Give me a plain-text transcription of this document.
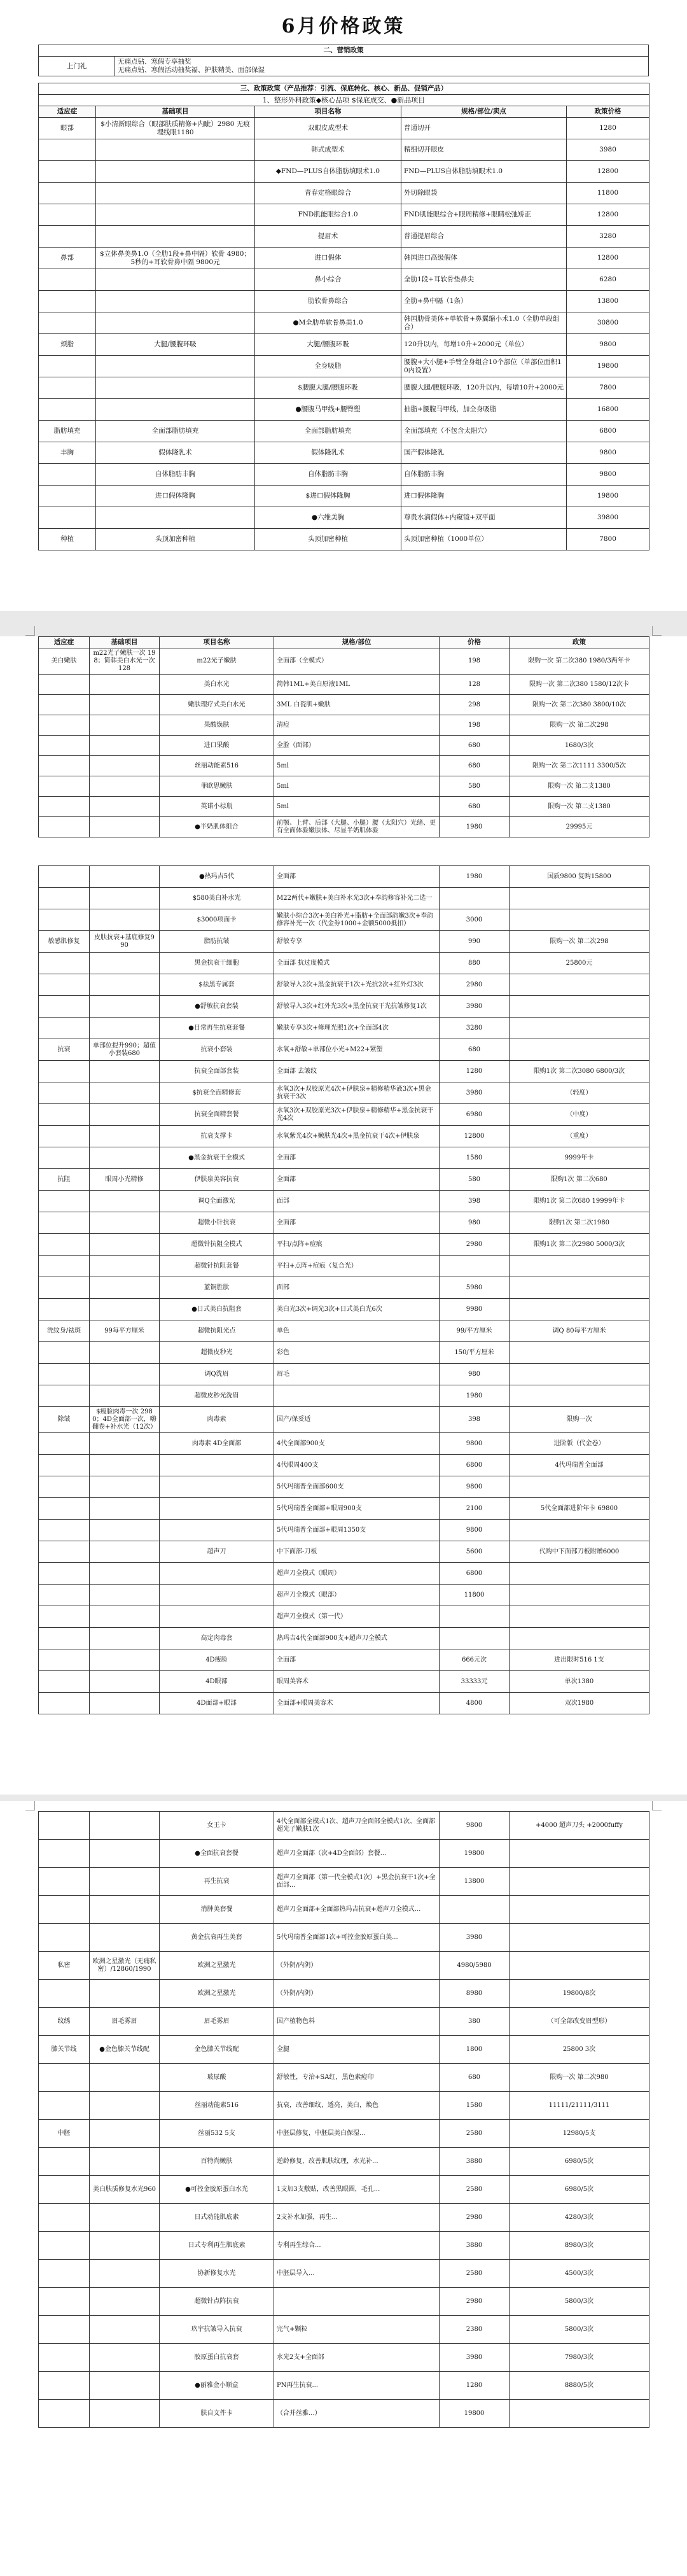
6月价格政策
二、营销政策
上门礼	
无痛点钻、寒假专享抽奖
无痛点钻、寒假活动抽奖福、护肤精美、面部保湿
三、政策政策（产品推荐：引流、保底转化、核心、新品、促销产品）				
1、整形外科政策◆核心品项 $保底成交、●新品项目				
适应症	基础项目	项目名称	规格/部位/卖点	政策价格
眼部	$小清新眼综合（眼部肤质精修+内眦）2980 无痕埋线眼1180	双眼皮成型术	普通切开	1280
		韩式成型术	精细切开眼皮	3980
		◆FND—PLUS自体脂肪填眼术1.0	FND—PLUS自体脂肪填眼术1.0	12800
		青春定格眼综合	外切除眼袋	11800
		FND肌能眼综合1.0	FND肌能眼综合+眼周精修+眼睛松弛矫正	12800
		提眉术	普通提眉综合	3280
鼻部	$立体鼻美鼻1.0（全肋1段+鼻中隔）软骨 4980；5秒的+耳软骨鼻中隔 9800元	进口假体	韩国进口高级假体	12800
		鼻小综合	全肋1段+耳软骨垫鼻尖	6280
		肋软骨鼻综合	全肋+鼻中隔（1条）	13800
		●M全肋单软骨鼻美1.0	韩国肋骨美体+单软骨+鼻翼缩小术1.0（全肋单段组合）	30800
颊脂	大腿/腰腹环吸	大腿/腰腹环吸	120升以内，每增10升+2000元（单位）	9800
		全身吸脂	腰腹+大小腿+手臂全身组合10个部位（单部位面积10内设置）	19800
		$腰腹大腿/腰腹环吸	腰腹大腿/腰腹环吸，120升以内，每增10升+2000元	7800
		●腰腹马甲线+腰臀塑	抽脂+腰腹马甲线，加全身吸脂	16800
脂肪填充	全面部脂肪填充	全面部脂肪填充	全面部填充（不包含太阳穴）	6800
丰胸	假体隆乳术	假体隆乳术	国产假体隆乳	9800
	自体脂肪丰胸	自体脂肪丰胸	自体脂肪丰胸	9800
	进口假体隆胸	$进口假体隆胸	进口假体隆胸	19800
		●六维美胸	尊贵水滴假体+内窥镜+双平面	39800
种植	头顶加密种植	头顶加密种植	头顶加密种植（1000单位）	7800
适应症	基础项目	项目名称	规格/部位	价格	政策
美白嫩肤	m22光子嫩肤一次 198；简韩美白水光一次 128	m22光子嫩肤	全面部（全模式）	198	限购一次 第二次380 1980/3两年卡
		美白水光	简韩1ML+美白原液1ML	128	限购一次 第二次380 1580/12次卡
		嫩肤理疗式美白水光	3ML 白瓷肌+嫩肤	298	限购一次 第二次380 3800/10次
		果酸焕肤	清痘	198	限购一次 第二次298
		进口果酸	全脸（面部）	680	1680/3次
		丝丽动能素516	5ml	680	限购一次 第二次1111 3300/5次
		菲欧思嫩肤	5ml	580	限购一次 第二支1380
		英诺小棕瓶	5ml	680	限购一次 第二支1380
		●半奶肌体组合	前颚、上臂、后部（大腿、小腿）腰（太阳穴）光绪、更有全面体验嫩肤体、尽显半奶肌体验	1980	29995元
		●热玛吉5代	全面部	1980	国质9800 复购15800
		$580美白补水光	M22两代+嫩肤+美白补水光3次+奉韵修容补光二选一		
		$3000项面卡	嫩肤小综合3次+美白补光+脂肪+全面部韵嫩3次+奉韵修容补光一次（代金券1000+金额5000抵扣）	3000	
敏感肌修复	皮肤抗衰+基底修复990	脂肪抗皱	舒敏专享	990	限购一次 第二次298
		黑金抗衰干细胞	全面部 抗过度模式	880	25800元
		$祛黑专属套	舒敏导入2次+黑金抗衰干1次+光抗2次+红外灯3次	2980	
		●舒敏抗衰套装	舒敏导入3次+红外光3次+黑金抗衰干光抗皱修复1次	3980	
		●日常再生抗衰套餐	嫩肤专享3次+修理光照1次+全面部4次	3280	
抗衰	单部位提升990；超值小套装680	抗衰小套装	水氧+舒敏+单部位小光+M22+紧塑	680	
		抗衰全面部套装	全面部 去皱纹	1280	限购1次 第二次3080 6800/3次
		$抗衰全面精修套	水氧3次+双胶原光4次+伊肤泉+精修精华液3次+黑金抗衰干3次	3980	（轻度）
		抗衰全面精套餐	水氧3次+双胶原光3次+伊肤泉+精修精华+黑金抗衰干光4次	6980	（中度）
		抗衰支撑卡	水氧紫光4次+嫩肤光4次+黑金抗衰干4次+伊肤泉	12800	（重度）
		●黑金抗衰干全模式	全面部	1580	9999年卡
抗阻	眼周小光精修	伊肤泉美容抗衰	全面部	580	限购1次 第二次680
		调Q全面激光	面部	398	限购1次 第二次680 19999年卡
		超微小针抗衰	全面部	980	限购1次 第二次1980
		超微针抗阻全模式	平扫/点阵+痘痕	2980	限购1次 第二次2980 5000/3次
		超微针抗阻套餐	平扫+点阵+痘痕（复合光）		
		蓝铜胜肽	面部	5980	
		●日式美白抗阻套	美白光3次+调光3次+日式美白光6次	9980	
洗纹身/祛斑	99每平方厘米	超微抗阻光点	单色	99/平方厘米	调Q 80每平方厘米
		超微皮秒光	彩色	150/平方厘米	
		调Q洗眉	眉毛	980	
		超微皮秒光洗眉		1980	
除皱	$瘦脸肉毒一次 2980；4D全面部一次，嗨翻卷+补水光（12次）	肉毒素	国产/保妥适	398	限购一次
		肉毒素 4D全面部	4代全面部900支	9800	进阶版（代金卷）
			4代眼周400支	6800	4代玛瑞普全面部
			5代玛瑞普全面部600支	9800	
			5代玛瑞普全面部+眼周900支	2100	5代全面部进阶年卡 69800
			5代玛瑞普全面部+眼周1350支	9800	
		超声刀	中下面部-刀板	5600	代购中下面部刀板附赠6000
			超声刀全模式（眼周）	6800	
			超声刀全模式（眼部）	11800	
			超声刀全模式（第一代）		
		高定肉毒套	热玛吉4代全面部900支+超声刀全模式		
		4D瘦脸	全面部	666元次	进出限时516 1支
		4D眼部	眼周美容术	33333元	单次1380
		4D面部+眼部	全面部+眼周美容术	4800	双次1980
		女王卡	4代全面部全模式1次、超声刀全面部全模式1次、全面部超光子嫩肤1次	9800	+4000 超声刀头 +2000fuffy
		●全面抗衰套餐	超声刀全面部（次+4D全面部）套餐...	19800	
		再生抗衰	超声刀全面部（第一代全模式1次）+黑金抗衰干1次+全面部...	13800	
		消肿美套餐	超声刀全面部+全面部热玛吉抗衰+超声刀全模式...		
		黄金抗衰再生美套	5代玛瑞普全面部1次+可控金胶原蛋白美...	3980	
私密	欧洲之星激光（无痛私密）/12860/1990	欧洲之星激光	（外阴/内阴）	4980/5980	
		欧洲之星激光	（外阴/内阴）	8980	19800/8次
纹绣	眉毛雾眉	眉毛雾眉	国产植物色料	380	（可全部改变眉型形）
膝关节线	●金色膝关节线配	金色膝关节线配	全腿	1800	25800 3次
		玻尿酸	舒敏性，专治+SA红，黑色素痘印	680	限购一次 第二次980
		丝丽动能素516	抗衰，改善细纹，透亮，美白，焕色	1580	11111/21111/3111
中胚		丝丽532 5支	中胚层修复，中胚层美白保湿...	2580	12980/5支
		百特尚嫩肤	逆龄修复，改善肌肤纹理，水光补...	3880	6980/5次
	美白肤质修复水光960	●可控金胶原蛋白水光	1支加3支敷贴，改善黑眼圈，毛孔...	2580	6980/5次
		日式动能肌底素	2支补水加强，再生...	2980	4280/3次
		日式专利再生肌底素	专利再生综合...	3880	8980/3次
		协新修复水光	中胚层导入...	2580	4500/3次
		超微针点阵抗衰		2980	5800/3次
		玖宇抗皱导入抗衰	完气+颗粒	2380	5800/3次
		胶原蛋白抗衰套	水光2支+全面部	3980	7980/3次
		●丽雅金小顺盒	PN再生抗衰...	1280	8880/5次
		肤自文件卡	（合并丝雅...）	19800	
